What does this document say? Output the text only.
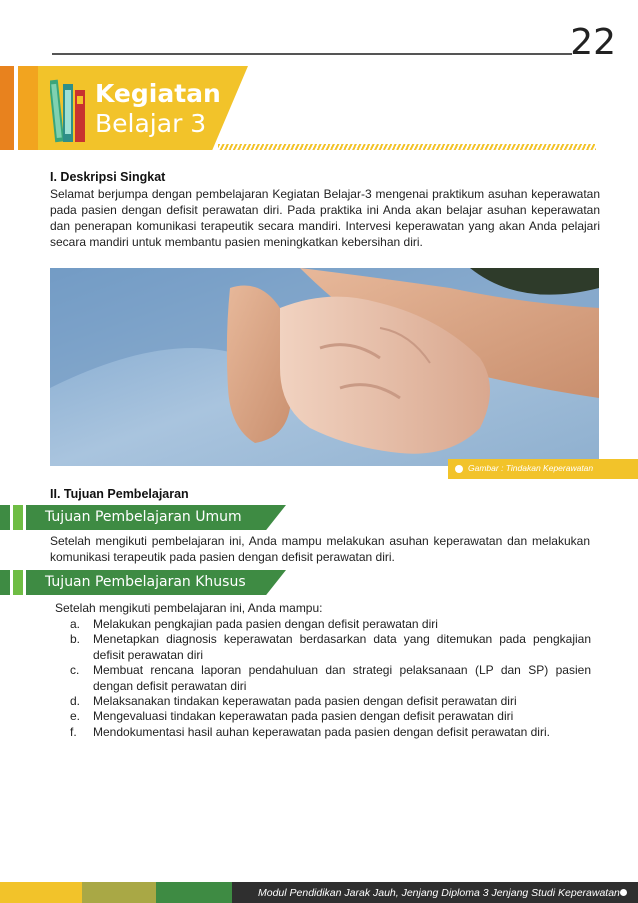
22
Kegiatan
Belajar 3
I. Deskripsi Singkat
Selamat berjumpa dengan pembelajaran Kegiatan Belajar-3 mengenai praktikum asuhan keperawatan pada pasien dengan defisit perawatan diri. Pada praktika ini Anda akan belajar asuhan keperawatan dan penerapan komunikasi terapeutik secara mandiri. Intervesi keperawatan yang akan Anda pelajari secara mandiri untuk membantu pasien meningkatkan kebersihan diri.
Gambar : Tindakan Keperawatan
II. Tujuan Pembelajaran
Tujuan Pembelajaran Umum
Setelah mengikuti pembelajaran ini, Anda mampu melakukan asuhan keperawatan dan melakukan komunikasi terapeutik pada pasien dengan defisit perawatan diri.
Tujuan Pembelajaran Khusus
Setelah mengikuti pembelajaran ini, Anda mampu:
a. Melakukan pengkajian pada pasien dengan defisit perawatan diri
b. Menetapkan diagnosis keperawatan berdasarkan data yang ditemukan pada pengkajian defisit perawatan diri
c. Membuat rencana laporan pendahuluan dan strategi pelaksanaan (LP dan SP) pasien dengan defisit perawatan diri
d. Melaksanakan tindakan keperawatan pada pasien dengan defisit perawatan diri
e. Mengevaluasi tindakan keperawatan pada pasien dengan defisit perawatan diri
f. Mendokumentasi hasil auhan keperawatan pada pasien dengan defisit perawatan diri.
Modul Pendidikan Jarak Jauh, Jenjang Diploma 3 Jenjang Studi Keperawatan
